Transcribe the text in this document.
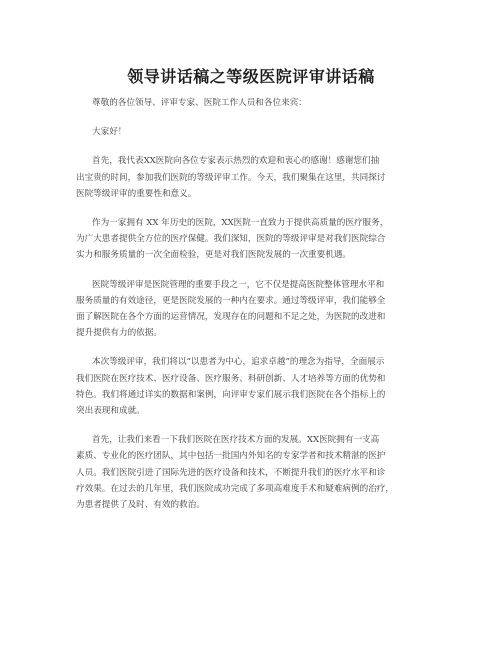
领导讲话稿之等级医院评审讲话稿
尊敬的各位领导、评审专家、医院工作人员和各位来宾：
大家好！
首先，我代表XX医院向各位专家表示热烈的欢迎和衷心的感谢！感谢您们抽
出宝贵的时间，参加我们医院的等级评审工作。今天，我们聚集在这里，共同探讨
医院等级评审的重要性和意义。
作为一家拥有 XX 年历史的医院，XX医院一直致力于提供高质量的医疗服务，
为广大患者提供全方位的医疗保健。我们深知，医院的等级评审是对我们医院综合
实力和服务质量的一次全面检验，更是对我们医院发展的一次重要机遇。
医院等级评审是医院管理的重要手段之一，它不仅是提高医院整体管理水平和
服务质量的有效途径，更是医院发展的一种内在要求。通过等级评审，我们能够全
面了解医院在各个方面的运营情况，发现存在的问题和不足之处，为医院的改进和
提升提供有力的依据。
本次等级评审，我们将以“以患者为中心，追求卓越”的理念为指导，全面展示
我们医院在医疗技术、医疗设备、医疗服务、科研创新、人才培养等方面的优势和
特色。我们将通过详实的数据和案例，向评审专家们展示我们医院在各个指标上的
突出表现和成就。
首先，让我们来看一下我们医院在医疗技术方面的发展。XX医院拥有一支高
素质、专业化的医疗团队，其中包括一批国内外知名的专家学者和技术精湛的医护
人员。我们医院引进了国际先进的医疗设备和技术，不断提升我们的医疗水平和诊
疗效果。在过去的几年里，我们医院成功完成了多项高难度手术和疑难病例的治疗，
为患者提供了及时、有效的救治。
